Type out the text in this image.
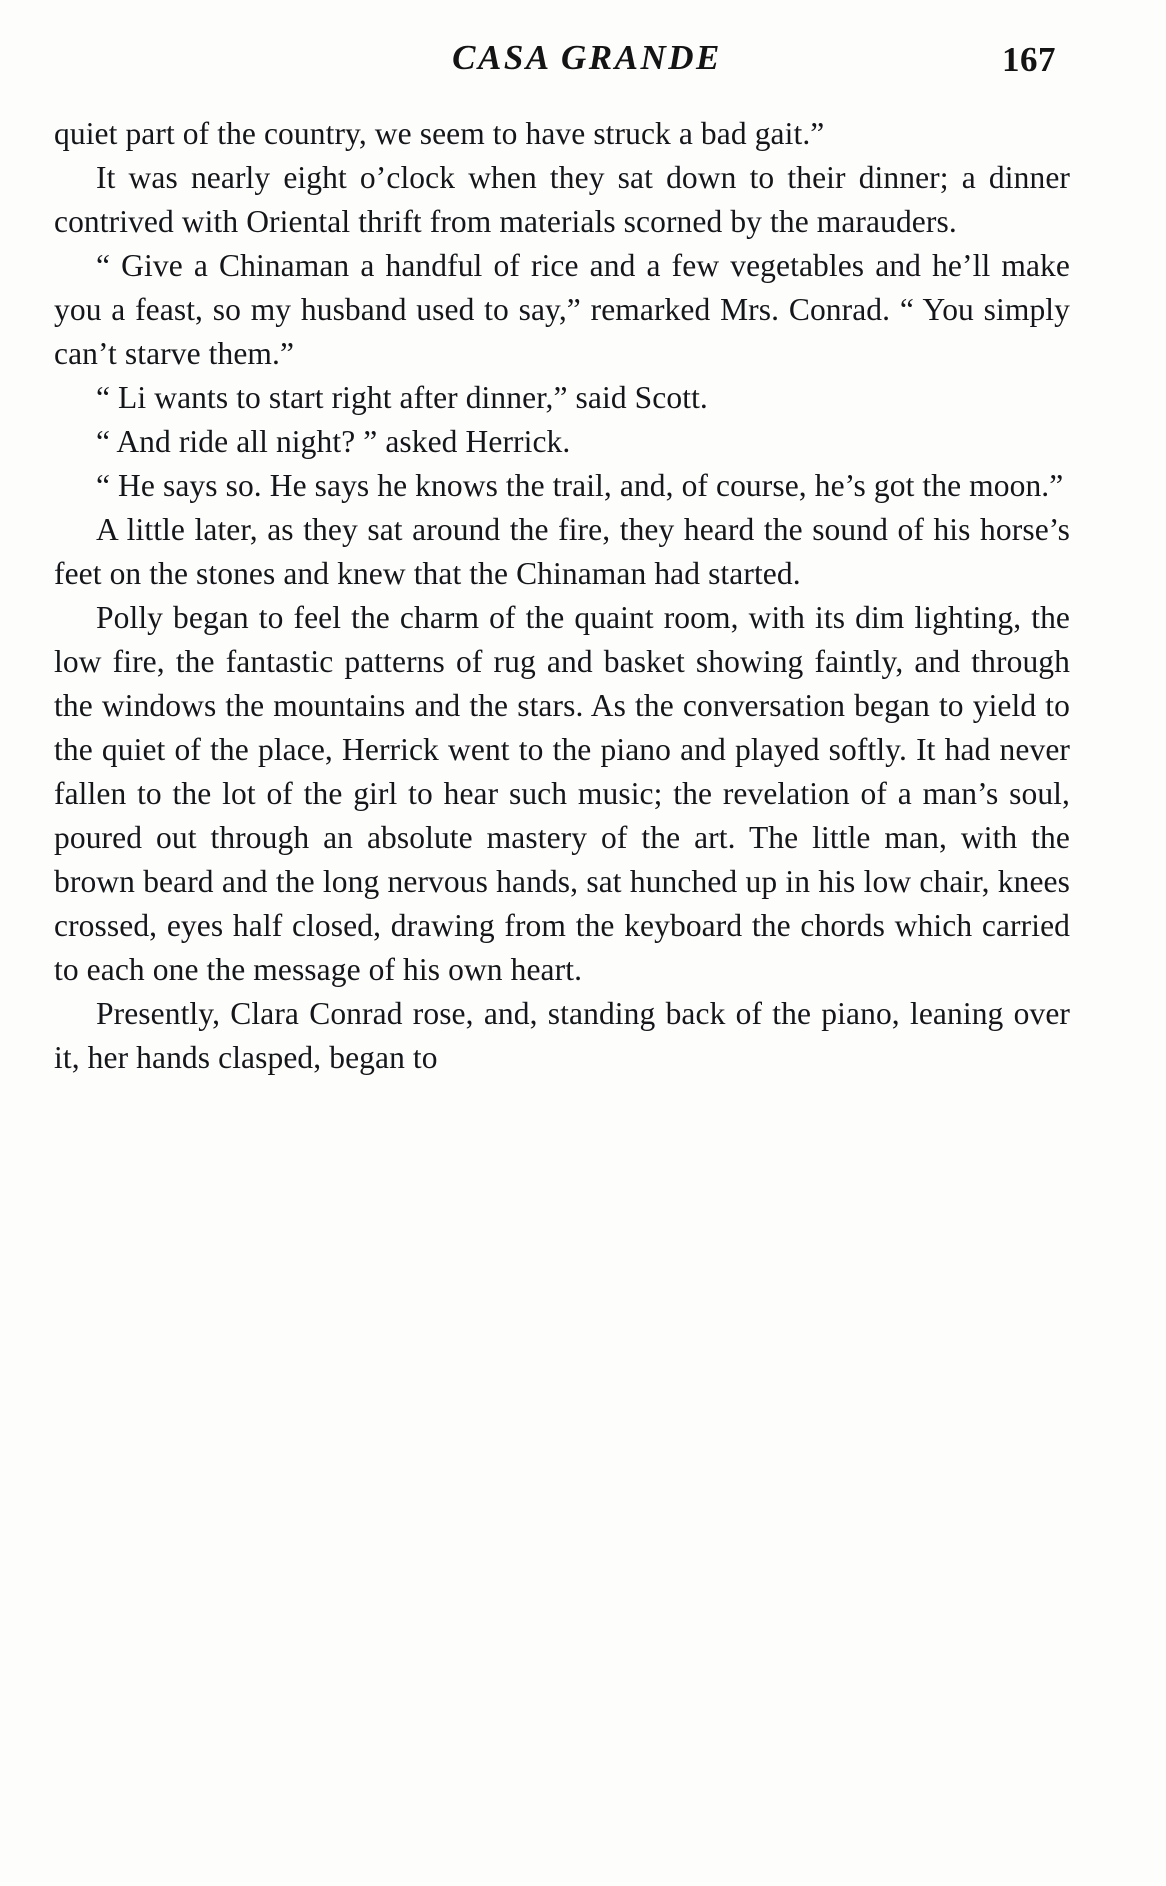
CASA GRANDE	167

quiet part of the country, we seem to have struck a bad gait.”

It was nearly eight o’clock when they sat down to their dinner; a dinner contrived with Oriental thrift from materials scorned by the marauders.

“ Give a Chinaman a handful of rice and a few vegetables and he’ll make you a feast, so my husband used to say,” remarked Mrs. Conrad. “ You simply can’t starve them.”

“ Li wants to start right after dinner,” said Scott.

“ And ride all night? ” asked Herrick.

“ He says so. He says he knows the trail, and, of course, he’s got the moon.”

A little later, as they sat around the fire, they heard the sound of his horse’s feet on the stones and knew that the Chinaman had started.

Polly began to feel the charm of the quaint room, with its dim lighting, the low fire, the fantastic patterns of rug and basket showing faintly, and through the windows the mountains and the stars. As the conversation began to yield to the quiet of the place, Herrick went to the piano and played softly. It had never fallen to the lot of the girl to hear such music; the revelation of a man’s soul, poured out through an absolute mastery of the art. The little man, with the brown beard and the long nervous hands, sat hunched up in his low chair, knees crossed, eyes half closed, drawing from the keyboard the chords which carried to each one the message of his own heart.

Presently, Clara Conrad rose, and, standing back of the piano, leaning over it, her hands clasped, began to
